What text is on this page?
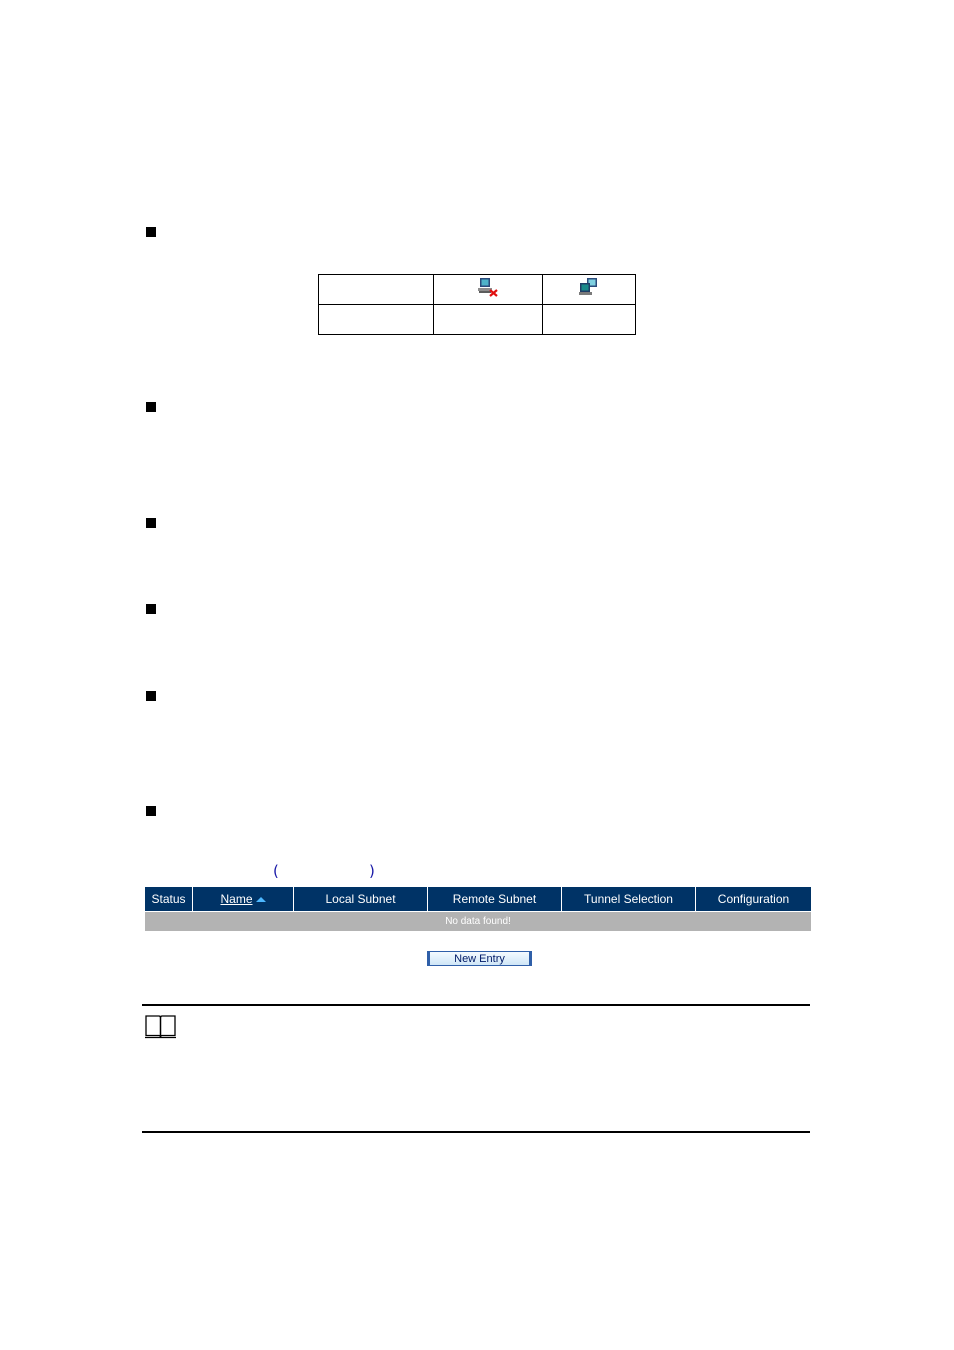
(	)
Status	Name	Local Subnet	Remote Subnet	Tunnel Selection	Configuration
No data found!
New Entry
